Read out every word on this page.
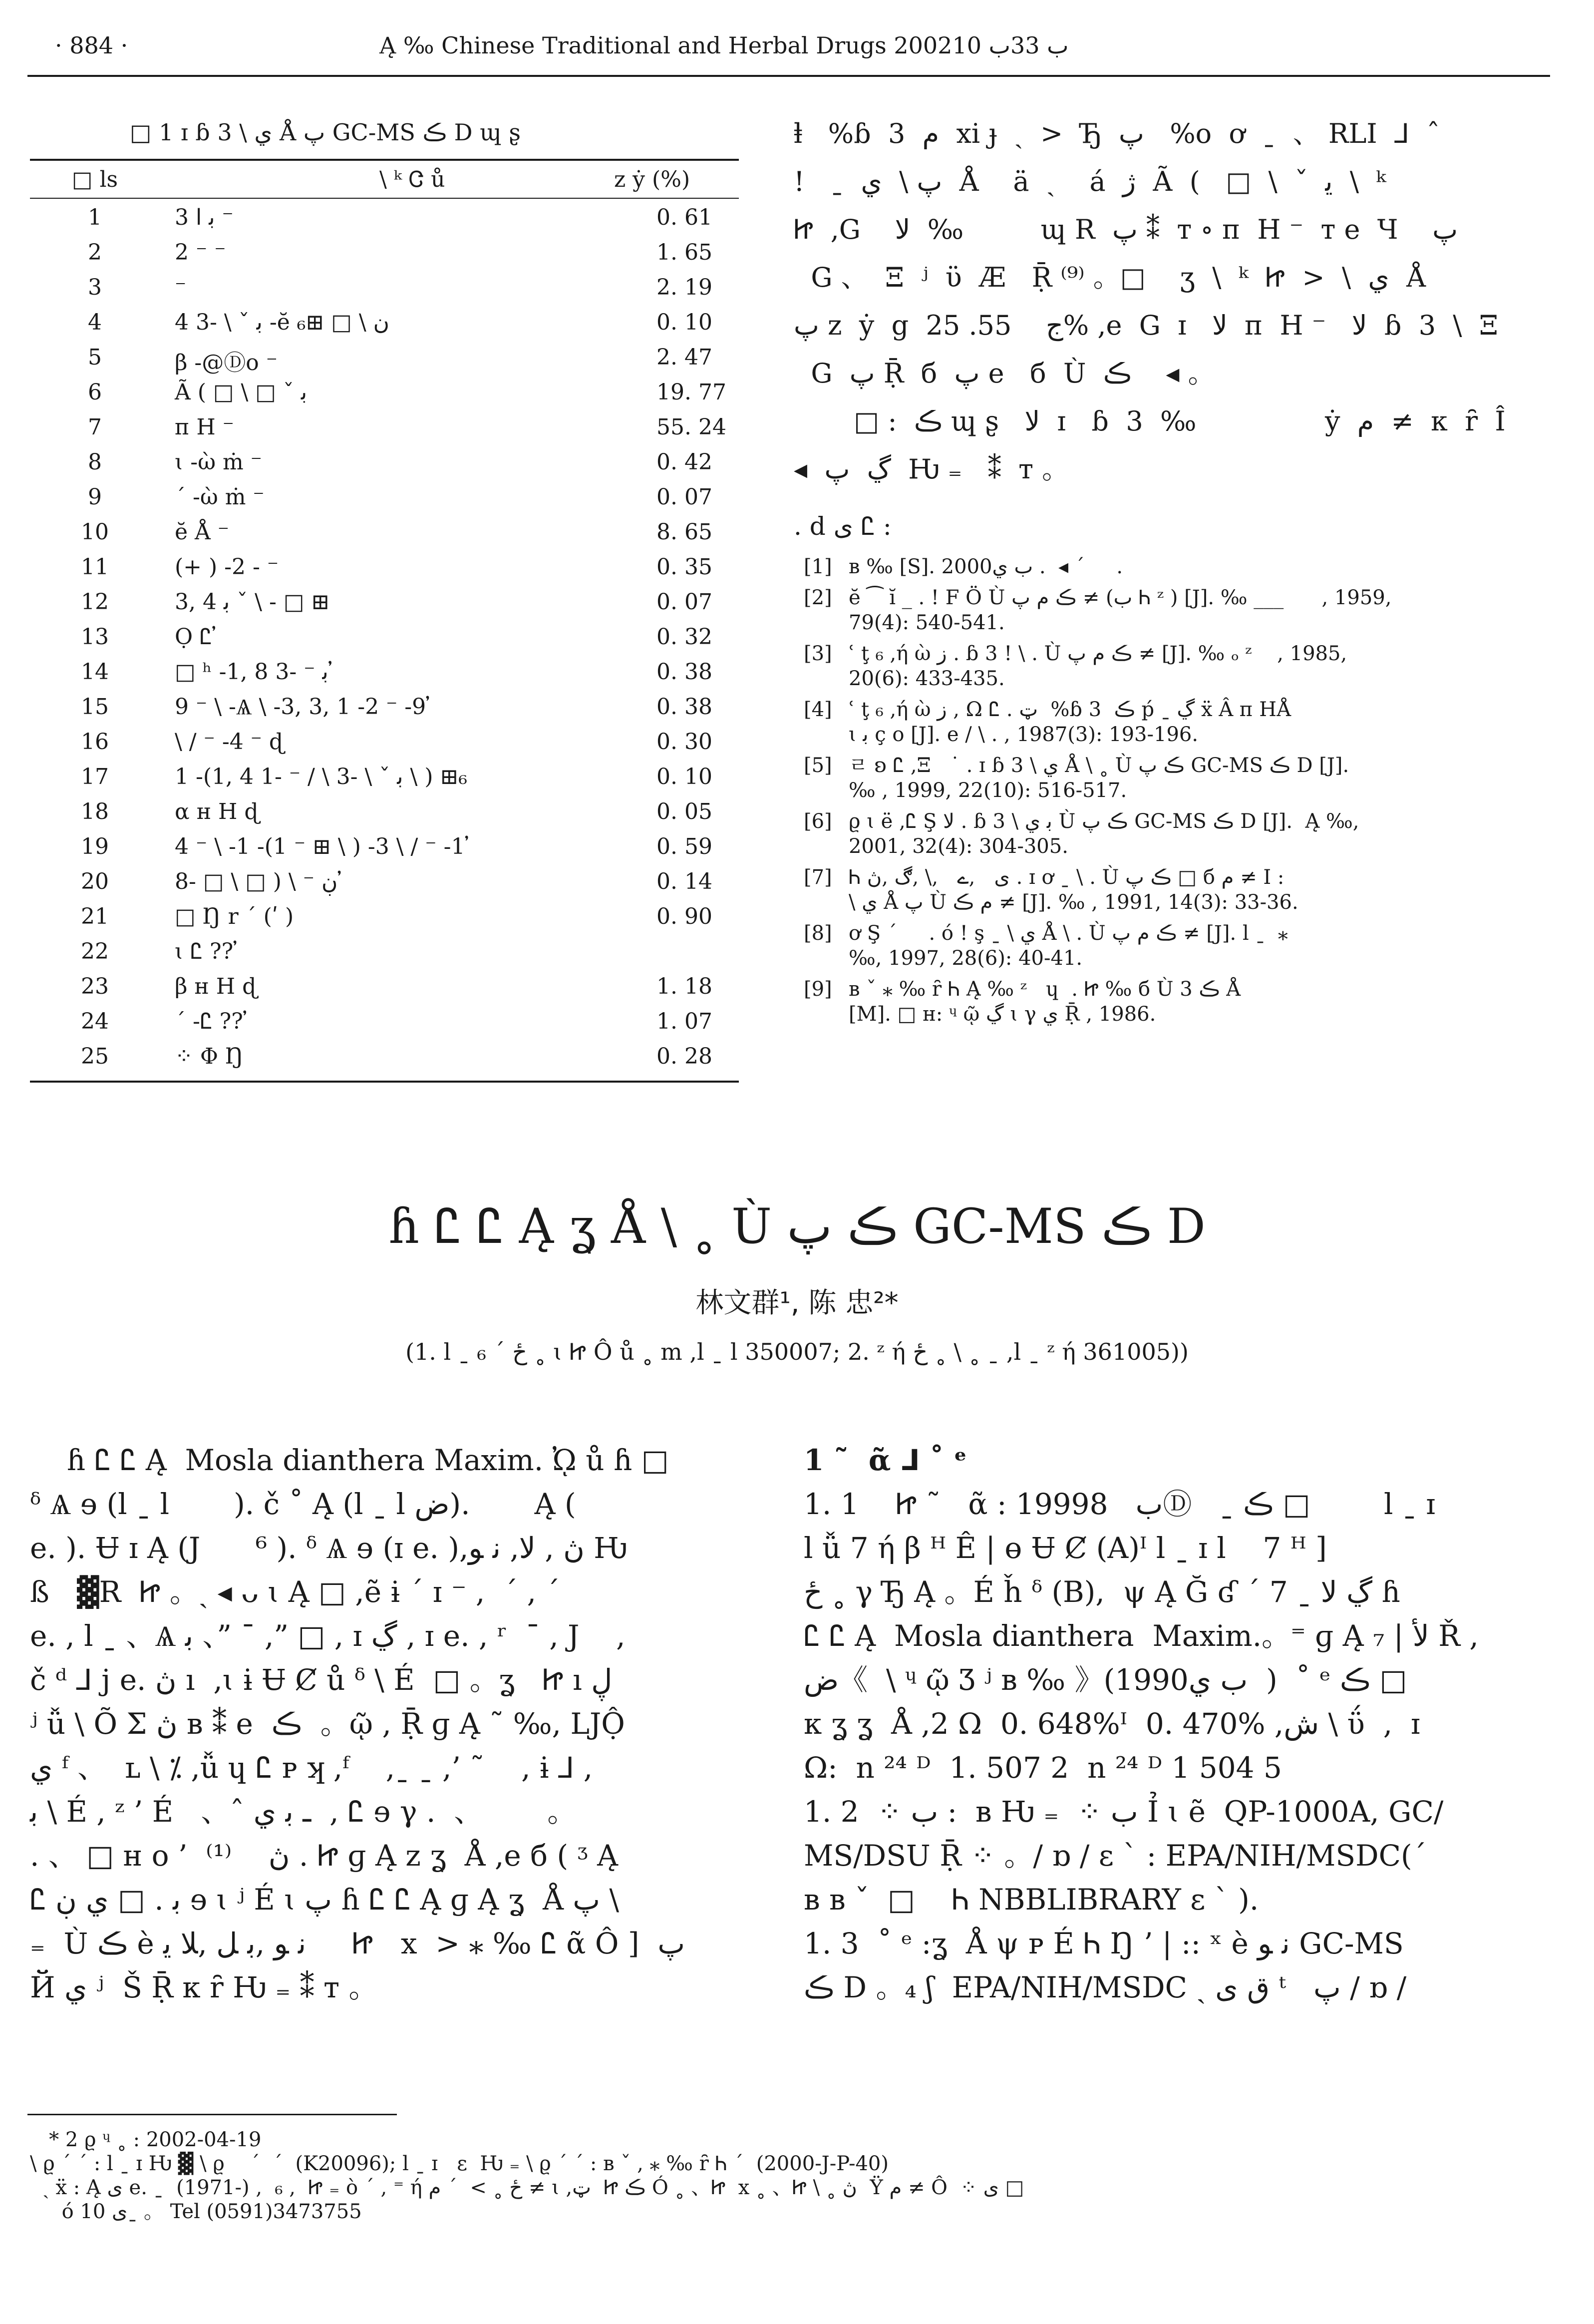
· 884 ·	Ą ‰ Chinese Traditional and Herbal Drugs 2002ب 33ب 10
□ 1 ɪ ɓ 3 \ ي Å پ GC-MS ڪ D ɰ ʂ
□ ls	\ ᵏ Ꮳ ů	z ẏ (%)
1	3 ﺑ ﺍ ⁻	0. 61
2	2 ⁻ ⁻	1. 65
3	⁻	2. 19
4	4 ﺑ ˇ \ -3 -ĕ ن \ □ ⊞₆	0. 10
5	β -@Ⓓo ⁻	2. 47
6	Ã ( □ \ □ ˇ ﺑ	19. 77
7	п H ⁻	55. 24
8	ɩ -ὼ ṁ ⁻	0. 42
9	ˊ -ὼ ṁ ⁻	0. 07
10	ĕ Å ⁻	8. 65
11	(+ ) -2 - ⁻	0. 35
12	3, 4 ﺑ ˇ \ - □ ⊞	0. 07
13	Ọ Ꮭ ̓	0. 32
14	□ ʰ -1, 8 ﺑ ⁻ -3 ̓	0. 38
15	9 ⁻ \ -Ѧ \ -3, 3, 1 -2 ⁻ -9 ̓	0. 38
16	\ / ⁻ -4 ⁻ ɖ	0. 30
17	1 -(1, 4 ﺑ ˇ \ -3 \ / ⁻ -1 \ ) ⊞₆	0. 10
18	α ʜ H ɖ	0. 05
19	4 ⁻ \ -1 -(1 ⁻ ⊞ \ ) -3 \ / ⁻ -1 ̓	0. 59
20	ڹ ⁻ \ ( □ \ □ -8 ̓	0. 14
21	□ Ŋ r ˊ (ʹ )	0. 90
22	ɩ Ꮭ ?? ̓
23	β ʜ H ɖ	1. 18
24	ˊ -Ꮭ ?? ̓	1. 07
25	⁘ Φ Ŋ	0. 28
ⱡ   %ɓ  3  ﻡ  xi ɟ  ˏ  >  Ђ  پ   %ᴏ  ơ  ˍ  、 RLI  ⅃  ˆ
!   ˍ  پ \  ي  Å    ä  ˏ    á  ژ  Ã  (   □  \  ˇ  ﻳ  \  ᵏ
Ꮵ  ,G    ﻻ  ‰         ɰ R  پ ⁑  ᴛ ∘ п  H ⁻  ᴛ e  Ч    پ
G 、  Ξ  ʲ  ϋ  Æ   Ṝ ⁽⁹⁾ 。□    ʒ  \  ᵏ  Ꮵ  >  \  ي  Å
پ z  ẏ  g  ج    55. 25% ,e  G  ɪ   ﻻ  п  H ⁻   ﻻ  ɓ  3  \  Ξ
G  پ Ṝ  б  پ e   б  Ù  ڪ    ◂ 。
□ :  ڪ ɰ ʂ   ﻻ  ɪ   ɓ  3  ‰               ẏ  ﻡ  ≠  κ  ȓ  Î
◂  ڲ  پ  Ƕ ₌   ⁑  ᴛ 。
. d ی Ꮭ :
[1] ʙ ‰ [S]. 2000ب ي .  ◂ ˊ     .
[2] ĕ ⁀ ĭ _ . ! F Ö Ù ڪ ﻡ پ ≠ (ب Ꮒ ᶻ ) [J]. ‰ ___      , 1959,
79(4): 540-541.
[3] ʿ ţ ₆ ,ή ὼ ز . ɓ 3 ! \ . Ù ڪ ﻡ پ ≠ [J]. ‰ ₒ ᶻ    , 1985,
20(6): 433-435.
[4] ʿ ţ ₆ ,ή ὼ ز , Ω Ꮭ . ټ  %ɓ 3  ڪ ṕ ˍ ڲ ẍ Â п HÅ
ɩ ﺑ ç o [J]. e / \ . , 1987(3): 193-196.
[5] ㄹ ʚ Ꮭ ,Ξ   ˙ . ɪ ɓ 3 \ ي Å \ ˳ Ù ڪ پ GC-MS ڪ D [J].
‰ , 1999, 22(10): 516-517.
[6] ϱ ɩ ë ,Ꮭ Ş ﻻ . ɓ 3 \ ﺑ ي Ù ڪ پ GC-MS ڪ D [J].  Ą ‰,
2001, 32(4): 304-305.
[7] Ꮒ ی   ,ے   ,\ ,ڰ ,ڽ . ɪ ơ ˍ \ . Ù ڪ پ □ б ﻡ ≠ I :
\ ي Å پ Ù ﻡ ڪ ≠ [J]. ‰ , 1991, 14(3): 33-36.
[8] ơ Ş ˊ     . ό ! ş ˍ \ ي Å \ . Ù ڪ ﻡ پ ≠ [J]. l ˍ  ⁎
‰, 1997, 28(6): 40-41.
[9] ʙ ˇ ⁎ ‰ ȓ Ꮒ Ą ‰ ᶻ   ɥ  . Ꮵ ‰ б Ù ڪ 3 Å
[M]. □ ʜ: ᶣ ῷ ڲ ɩ γ ي Ṝ , 1986.
ɦ Ꮭ Ꮭ Ą ʓ Å \ ˳ Ù ڪ پ GC-MS ڪ D
林文群¹, 陈 忠²*
(1. l ˍ ₆ ˊ ځ ˳ ɩ Ꮵ Ô ů ˳ m ,l ˍ l 350007; 2. ᶻ ή ځ ˳ \ ˳ ˍ ,l ˍ ᶻ ή 361005))
ɦ Ꮭ Ꮭ Ą  Mosla dianthera Maxim. ᾨ ů ɦ □
ᵟ Ѧ ɘ (l ˍ l       ). č ˚ Ą (l ˍ l ض).       Ą (
e. ). Ʉ ɪ Ą (J      ⁶ ). ᵟ Ѧ ɘ (ɪ e. ),ڽ , ﻻ, ﻧ ﻮ Ƕ
ß   ▓R  Ꮵ 。ˏ ◂ ᴗ ɩ Ą □ ,ẽ ɨ ˊ ɪ ⁻ ,  ˊ , ˊ
e. , l ˍ 、Ѧ ﺑ 、” ¯ ,” □ , ɪ ڲ , ɪ e. , ʳ  ¯ , J    ,
č ᵈ ⅃ j e. ڽ ı  ,ɩ ɨ Ʉ Ȼ ů ᵟ \ É  □ 。ʓ   Ꮵ ı ڸ
ʲ ǚ \ Õ Σ ڽ ʙ ⁑ e  ڪ  。ῷ , Ṝ ɡ Ą ˜ ‰, LJỘ
ي ᶠ 、  ʟ \ ⁒ ,ǚ ɥ Ꮭ ᴘ ʞ ,ᶠ    ,ˍ ˍ ,’ ˜    , ɨ ⅃ ,
ﺑ \ É , ᶻ ’ É   、ˆ ـ ﺑ ي  , Ꮭ ɘ γ .  、       。
. 、 □ ʜ o ’  ڽ    ⁽¹⁾ . Ꮵ ɡ Ą z ʓ  Å ,e б ( ᶾ Ą
Ꮭ ﺑ . □ ي ڹ ɘ ɩ ʲ É ɩ پ ɦ Ꮭ Ꮭ Ą ɡ Ą ʓ  Å پ \
₌  Ù ڪ è ﻧ ﻮ ,ﺑ ﻞ ,ﻼ ﻳ     Ꮵ   x  > ⁎ ‰ Ꮭ ᾶ Ô ]  پ
Й ي ʲ  Š Ṝ κ ȓ Ƕ ₌ ⁑ ᴛ 。
1 ˜  ᾶ ⅃ ˚ ᵉ
1. 1    Ꮵ ˜   ᾶ : 1999ب   8Ⓓ   ˍ ڪ □        l ˍ ɪ
l ǚ 7 ή β ᴴ Ê | ɵ Ʉ Ȼ (A)ᴵ l ˍ ɪ l    7 ᴴ ]
ځ ˳ γ Ђ Ą 。É ȟ ᵟ (B),  ψ Ą Ğ ʛ ˊ 7 ˍ ڲ ﻻ ɦ
Ꮭ Ꮭ Ą  Mosla dianthera  Maxim.。⁼ ɡ Ą ₇ | ﻷ Ř ,
ض《  \ ᶣ ῷ Ʒ ʲ ʙ ‰ 》(1990ب ي  )  ˚ ᵉ ڪ □
κ ʓ ʓ  Å ,2 Ω  0. 648%ᴵ  0. 470% ,ش \ ΰ  ,  ɪ
Ω:  n ²⁴ ᴰ  1. 507 2  n ²⁴ ᴰ 1 504 5
1. 2  ⁘ ب :  ʙ Ƕ ₌  ⁘ ب Ỉ ɩ ẽ  QP-1000A, GC/
MS/DSU Ṝ ⁘ 。/ ɒ / ɛ ` : EPA/NIH/MSDC(ˊ
ʙ ʙ ˇ  □    Ꮒ NBBLIBRARY ɛ ` ).
1. 3  ˚ ᵉ :ʓ  Å ψ ᴘ É Ꮒ Ŋ ’ | :: ˣ è ﻧ ﻮ GC-MS
ڪ D 。₄ ʃ  EPA/NIH/MSDC ˏ ﻕ ی ᵗ   پ / ɒ /
* 2 ϱ ᶣ ˳ : 2002-04-19
\ ϱ ˊ ˊ : l ˍ ɪ Ƕ ▓ \ ϱ    ˊ  ˊ  (K20096); l ˍ ɪ   ε  Ƕ ₌ \ ϱ ˊ ˊ : ʙ ˇ , ⁎ ‰ ȓ Ꮒ ˊ  (2000-J-P-40)
ˏ ẍ : Ą ی e. ˍ  (1971-) ,  ₆ ,  Ꮵ ₌ ὸ ˊ , ⁼ ή ځ ˳ >  ˊ ﻡ ≠ ɩ ,ټ  Ꮵ ڪ Ó ˳ 、Ꮵ  x ˳ 、Ꮵ \ ˳ ڽ  Ÿ ﻡ ≠ Ô  ⁘ ی □
ό ی 10ˍ 。 Tel (0591)3473755
